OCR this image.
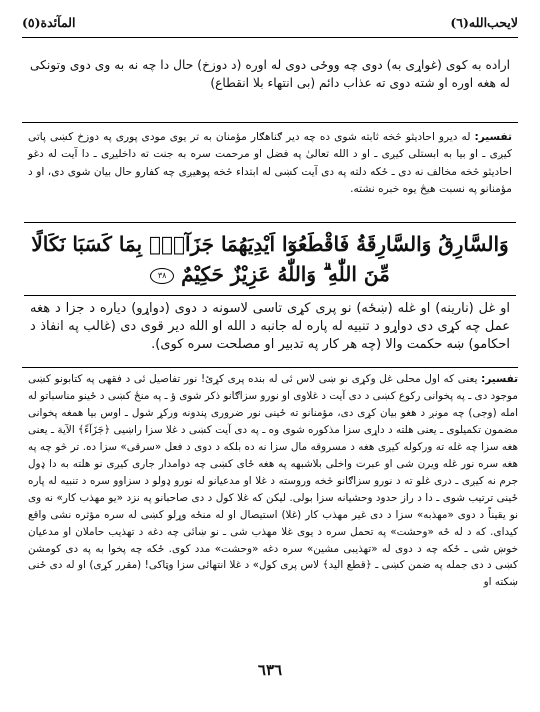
لایحب‌الله(٦)
المآئدة(٥)

اراده به کوی (غواړی به) دوی چه ووځی دوی له اوره (د دوزخ) حال دا چه نه به وی دوی وتونکی له هغه اوره او شته دوی ته عذاب دائم (بی انتهاء بلا انقطاع)

تفسیر: له دیرو احادیثو څخه ثابته شوی ده چه دیر ګناهګار مؤمنان به تر یوی مودی پوری په دوزخ کښی پاتی کیږی ـ او بیا به ابستلی کیږی ـ او د الله تعالیٰ په فضل او مرحمت سره به جنت ته داخلیږی ـ دا آیت له دغو احادیثو څخه مخالف نه دی ـ ځکه دلته په دی آیت کښی له ابتداء څخه پوهیږی چه کفارو حال بیان شوی دی، او د مؤمنانو په نسبت هیڅ یوه خبره نشته.
وَالسَّارِقُ وَالسَّارِقَةُ فَاقْطَعُوٓا اَيْدِيَهُمَا جَزَآءًۢ بِمَا كَسَبَا نَكَالًا
مِّنَ اللّٰهِ ۗ وَاللّٰهُ عَزِيْزٌ حَكِيْمٌ ٣٨

او غل (نارینه) او غله (ښځه) نو پری کړی تاسی لاسونه د دوی (دواړو) دیاره د جزا د هغه عمل چه کړی دی دواړو د تنبیه له پاره له جانبه د الله او الله دیر قوی دی (غالب په انفاذ د احکامو) ښه حکمت والا (چه هر کار په تدبیر او مصلحت سره کوی).

تفسیر: یعنی که اول محلی غل وکړی نو ښی لاس ئی له بنده پری کړئ! نور تفاصیل ئی د فقهی په کتابونو کښی موجود دی ـ په پخوانی رکوع کښی د دی آیت د غلاوی او نورو سزاګانو ذکر شوی ؤ ـ په منځ کښی د ځینو مناسباتو له امله (وجی) چه مونږ د هغو بیان کړی دی، مؤمنانو ته ځینی نور ضروری پندونه ورکړ شول ـ اوس بیا همغه پخوانی مضمون تکمیلوی ـ یعنی هلته د داړی سزا مذکوره شوی وه ـ په دی آیت کښی د غلا سزا راښیی ﴿جَزَآءً﴾ الآیة ـ یعنی هغه سزا چه غله ته ورکوله کیږی هغه د مسروقه مال سزا نه ده بلکه د دوی د فعل «سرقی» سزا ده. تر څو چه په هغه سره نور غله ویرن شی او عبرت واخلی بلاشبهه په هغه ځای کښی چه دوامدار جاری کیږی نو هلته به دا ډول جرم نه کیږی ـ دری غلو ته د نورو سزاګانو څخه وروسته د غلا او مدعیانو له نورو ډولو د سزاوو سره د تنبیه له پاره ځینی ترتیب شوی ـ دا د راز حدود وحشیانه سزا بولی. لیکن که غلا کول د دی صاحبانو په نزد «یو مهذب کار» نه وی نو یقیناً د دوی «مهذبه» سزا د دی غیر مهذب کار (غلا) استیصال او له منځه وړلو کښی له سره مؤثره نشی واقع کیدای. که د له ځه «وحشت» په تحمل سره د یوی غلا مهذب شی ـ نو ښائی چه دغه د تهذیب حاملان او مدعیان خوښ شی ـ ځکه چه د دوی له «تهذیبی مشین» سره دغه «وحشت» مدد کوی. ځکه چه پخوا به په دی کومشن کښی د دی جمله په ضمن کښی ـ ﴿قطع الید﴾ لاس پری کول» د غلا انتهائی سزا وټاکی! (مقرر کړی) او له دی ځنی ښکته او
٦٣٦
